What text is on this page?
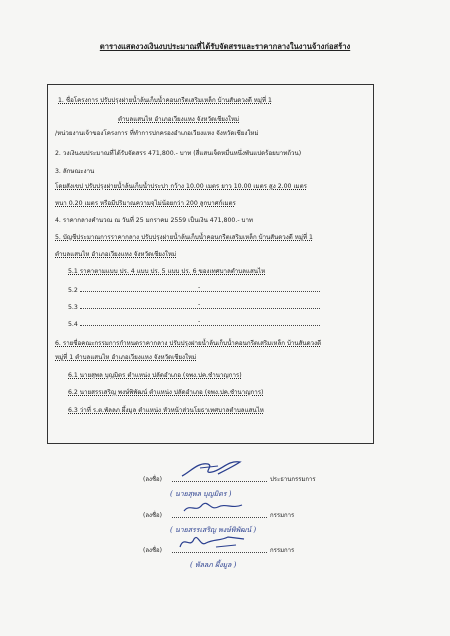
ตารางแสดงวงเงินงบประมาณที่ได้รับจัดสรรและราคากลางในงานจ้างก่อสร้าง
1. ชื่อโครงการ ปรับปรุงฝายน้ำล้นเก็บน้ำคอนกรีตเสริมเหล็ก บ้านสันดวงดี หมู่ที่ 1
ตำบลแสนไห อำเภอเวียงแหง จังหวัดเชียงใหม่
/หน่วยงานเจ้าของโครงการ ที่ทำการปกครองอำเภอเวียงแหง จังหวัดเชียงใหม่
2. วงเงินงบประมาณที่ได้รับจัดสรร 471,800.- บาท (สี่แสนเจ็ดหมื่นหนึ่งพันแปดร้อยบาทถ้วน)
3. ลักษณะงาน
โดยสังเขป ปรับปรุงฝายน้ำล้นเก็บน้ำประปา กว้าง 10.00 เมตร ยาว 10.00 เมตร สูง 2.00 เมตร
หนา 0.20 เมตร หรือมีปริมาณความจุไม่น้อยกว่า 200 ลูกบาศก์เมตร
4. ราคากลางคำนวณ ณ วันที่ 25 มกราคม 2559 เป็นเงิน 471,800.- บาท
5. บัญชีประมาณการราคากลาง ปรับปรุงฝายน้ำล้นเก็บน้ำคอนกรีตเสริมเหล็ก บ้านสันดวงดี หมู่ที่ 1
ตำบลแสนไห อำเภอเวียงแหง จังหวัดเชียงใหม่
5.1 ราคาตามแบบ ปร. 4 แบบ ปร. 5 แบบ ปร. 6 ของเทศบาลตำบลแสนไห
5.2	-
5.3	-
5.4	-
6. รายชื่อคณะกรรมการกำหนดราคากลาง ปรับปรุงฝายน้ำล้นเก็บน้ำคอนกรีตเสริมเหล็ก บ้านสันดวงดี
หมู่ที่ 1 ตำบลแสนไห อำเภอเวียงแหง จังหวัดเชียงใหม่
6.1 นายสุพล บุญมิตร ตำแหน่ง ปลัดอำเภอ (จพง.ปค.ชำนาญการ)
6.2 นายสรรเสริญ พงษ์พิพัฒน์ ตำแหน่ง ปลัดอำเภอ (จพง.ปค.ชำนาญการ)
6.3 ว่าที่ ร.ต.พัลลภ ผึ้งมูล ตำแหน่ง หัวหน้าส่วนโยธาเทศบาลตำบลแสนไห
(ลงชื่อ)	ประธานกรรมการ
( นายสุพล บุญมิตร )
(ลงชื่อ)	กรรมการ
( นายสรรเสริญ พงษ์พิพัฒน์ )
(ลงชื่อ)	กรรมการ
( พัลลภ ผึ้งมูล )
